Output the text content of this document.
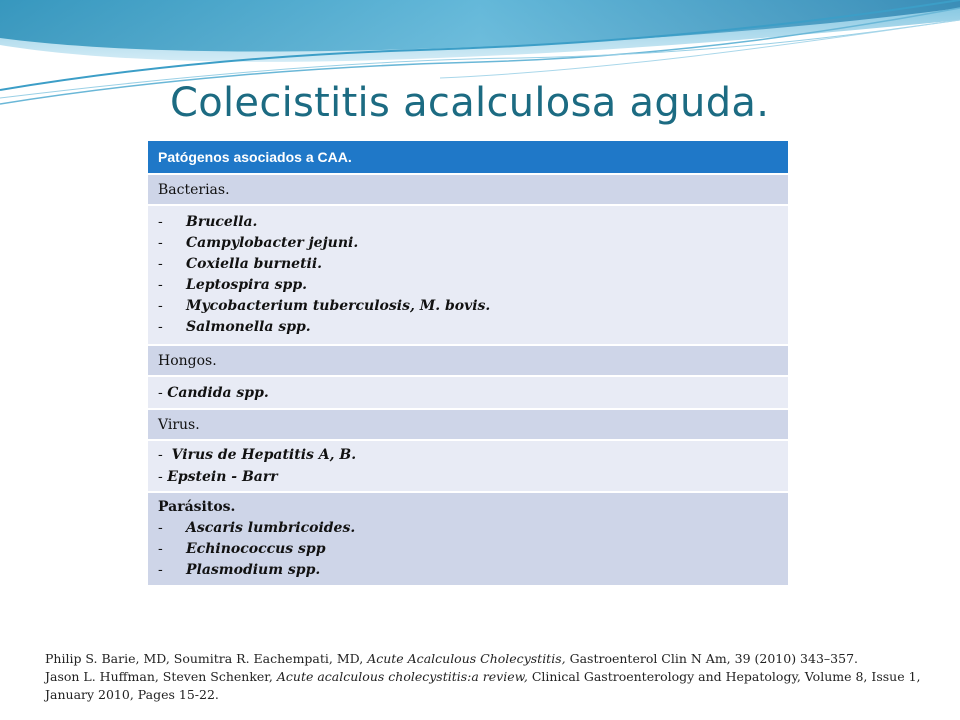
Colecistitis acalculosa aguda.
Patógenos asociados a CAA.
Bacterias.

- Brucella.
- Campylobacter jejuni.
- Coxiella burnetii.
- Leptospira spp.
- Mycobacterium tuberculosis, M. bovis.
- Salmonella spp.

Hongos.
- Candida spp.
Virus.

-  Virus de Hepatitis A, B.
- Epstein - Barr

Parásitos.
- Ascaris lumbricoides.
- Echinococcus spp
- Plasmodium spp.

Philip S. Barie, MD, Soumitra R. Eachempati, MD, Acute Acalculous Cholecystitis, Gastroenterol Clin N Am, 39 (2010) 343–357.

Jason L. Huffman, Steven Schenker, Acute acalculous cholecystitis:a review, Clinical Gastroenterology and Hepatology, Volume 8, Issue 1, January 2010, Pages 15-22.
